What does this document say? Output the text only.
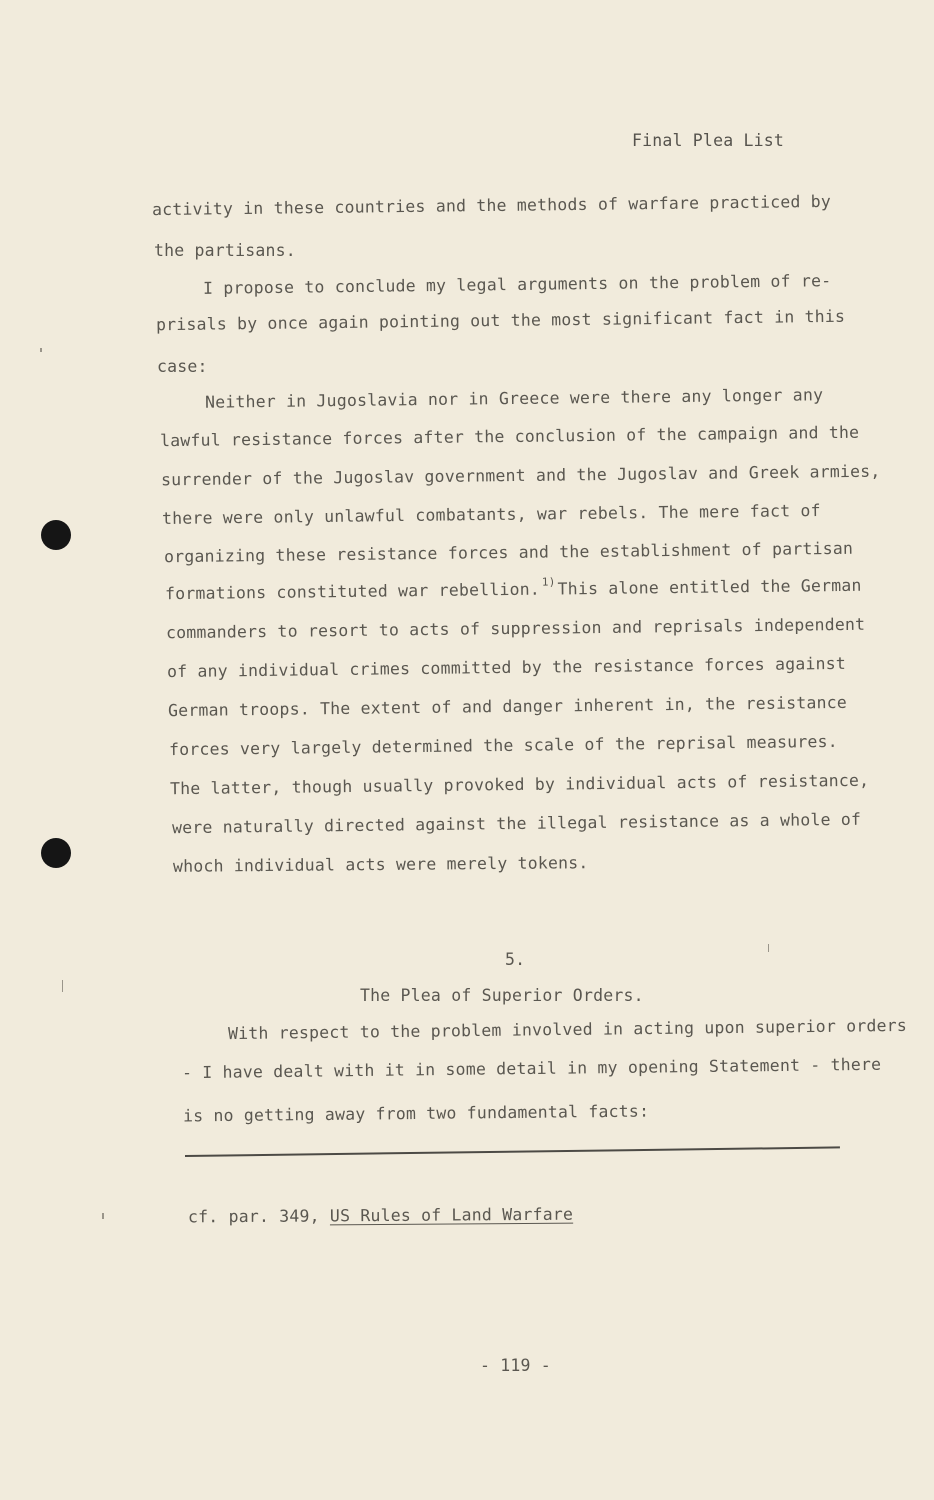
Final Plea List
activity in these countries and the methods of warfare practiced by
the partisans.
I propose to conclude my legal arguments on the problem of re-
prisals by once again pointing out the most significant fact in this
case:
Neither in Jugoslavia nor in Greece were there any longer any
lawful resistance forces after the conclusion of the campaign and the
surrender of the Jugoslav government and the Jugoslav and Greek armies,
there were only unlawful combatants, war rebels. The mere fact of
organizing these resistance forces and the establishment of partisan
formations constituted war rebellion. $^{1)}$ This alone entitled the German
commanders to resort to acts of suppression and reprisals independent
of any individual crimes committed by the resistance forces against
German troops. The extent of and danger inherent in, the resistance
forces very largely determined the scale of the reprisal measures.
The latter, though usually provoked by individual acts of resistance,
were naturally directed against the illegal resistance as a whole of
whoch individual acts were merely tokens.
5.
The Plea of Superior Orders.
With respect to the problem involved in acting upon superior orders
- I have dealt with it in some detail in my opening Statement - there
is no getting away from two fundamental facts:
cf. par. 349, US Rules of Land Warfare
- 119 -
